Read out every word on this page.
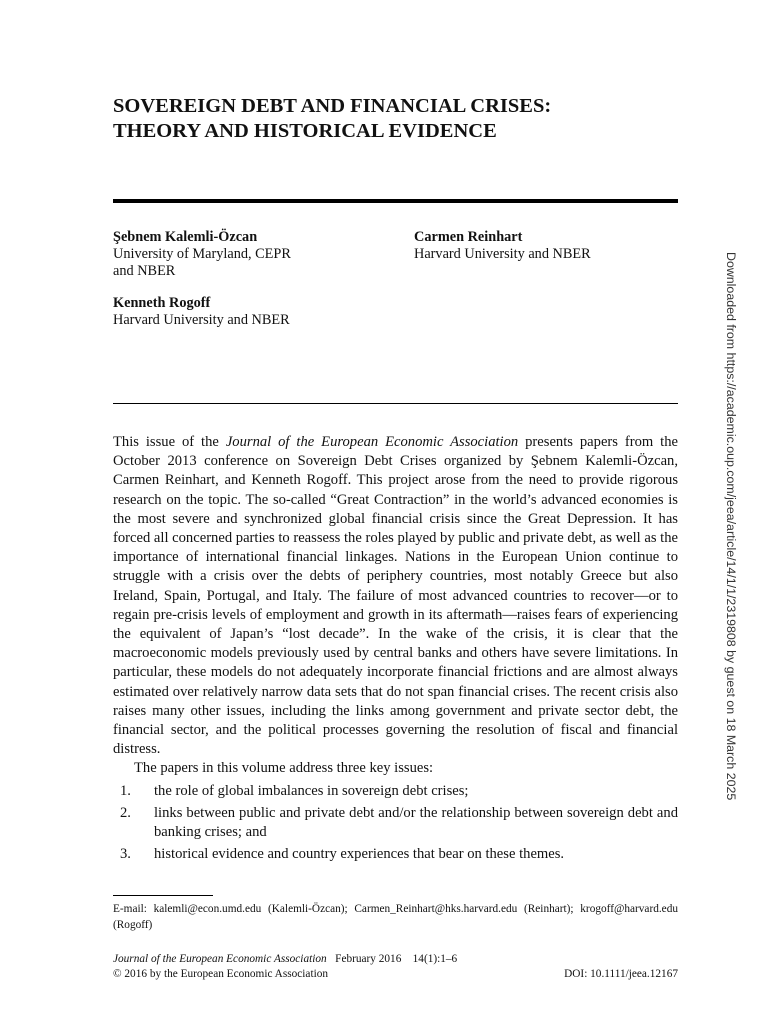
SOVEREIGN DEBT AND FINANCIAL CRISES:
THEORY AND HISTORICAL EVIDENCE
Şebnem Kalemli-Özcan
University of Maryland, CEPR
and NBER
Carmen Reinhart
Harvard University and NBER
Kenneth Rogoff
Harvard University and NBER

This issue of the Journal of the European Economic Association presents papers from the October 2013 conference on Sovereign Debt Crises organized by Şebnem Kalemli-Özcan, Carmen Reinhart, and Kenneth Rogoff. This project arose from the need to provide rigorous research on the topic. The so-called “Great Contraction” in the world’s advanced economies is the most severe and synchronized global financial crisis since the Great Depression. It has forced all concerned parties to reassess the roles played by public and private debt, as well as the importance of international financial linkages. Nations in the European Union continue to struggle with a crisis over the debts of periphery countries, most notably Greece but also Ireland, Spain, Portugal, and Italy. The failure of most advanced countries to recover—or to regain pre-crisis levels of employment and growth in its aftermath—raises fears of experiencing the equivalent of Japan’s “lost decade”. In the wake of the crisis, it is clear that the macroeconomic models previously used by central banks and others have severe limitations. In particular, these models do not adequately incorporate financial frictions and are almost always estimated over relatively narrow data sets that do not span financial crises. The recent crisis also raises many other issues, including the links among government and private sector debt, the financial sector, and the political processes governing the resolution of fiscal and financial distress.

The papers in this volume address three key issues:

1. the role of global imbalances in sovereign debt crises;
2. links between public and private debt and/or the relationship between sovereign debt and banking crises; and
3. historical evidence and country experiences that bear on these themes.
E-mail: kalemli@econ.umd.edu (Kalemli-Özcan); Carmen_Reinhart@hks.harvard.edu (Reinhart); krogoff@harvard.edu (Rogoff)
Journal of the European Economic Association February 2016 14(1):1–6
© 2016 by the European Economic Association	DOI: 10.1111/jeea.12167
Downloaded from https://academic.oup.com/jeea/article/14/1/1/2319808 by guest on 18 March 2025
